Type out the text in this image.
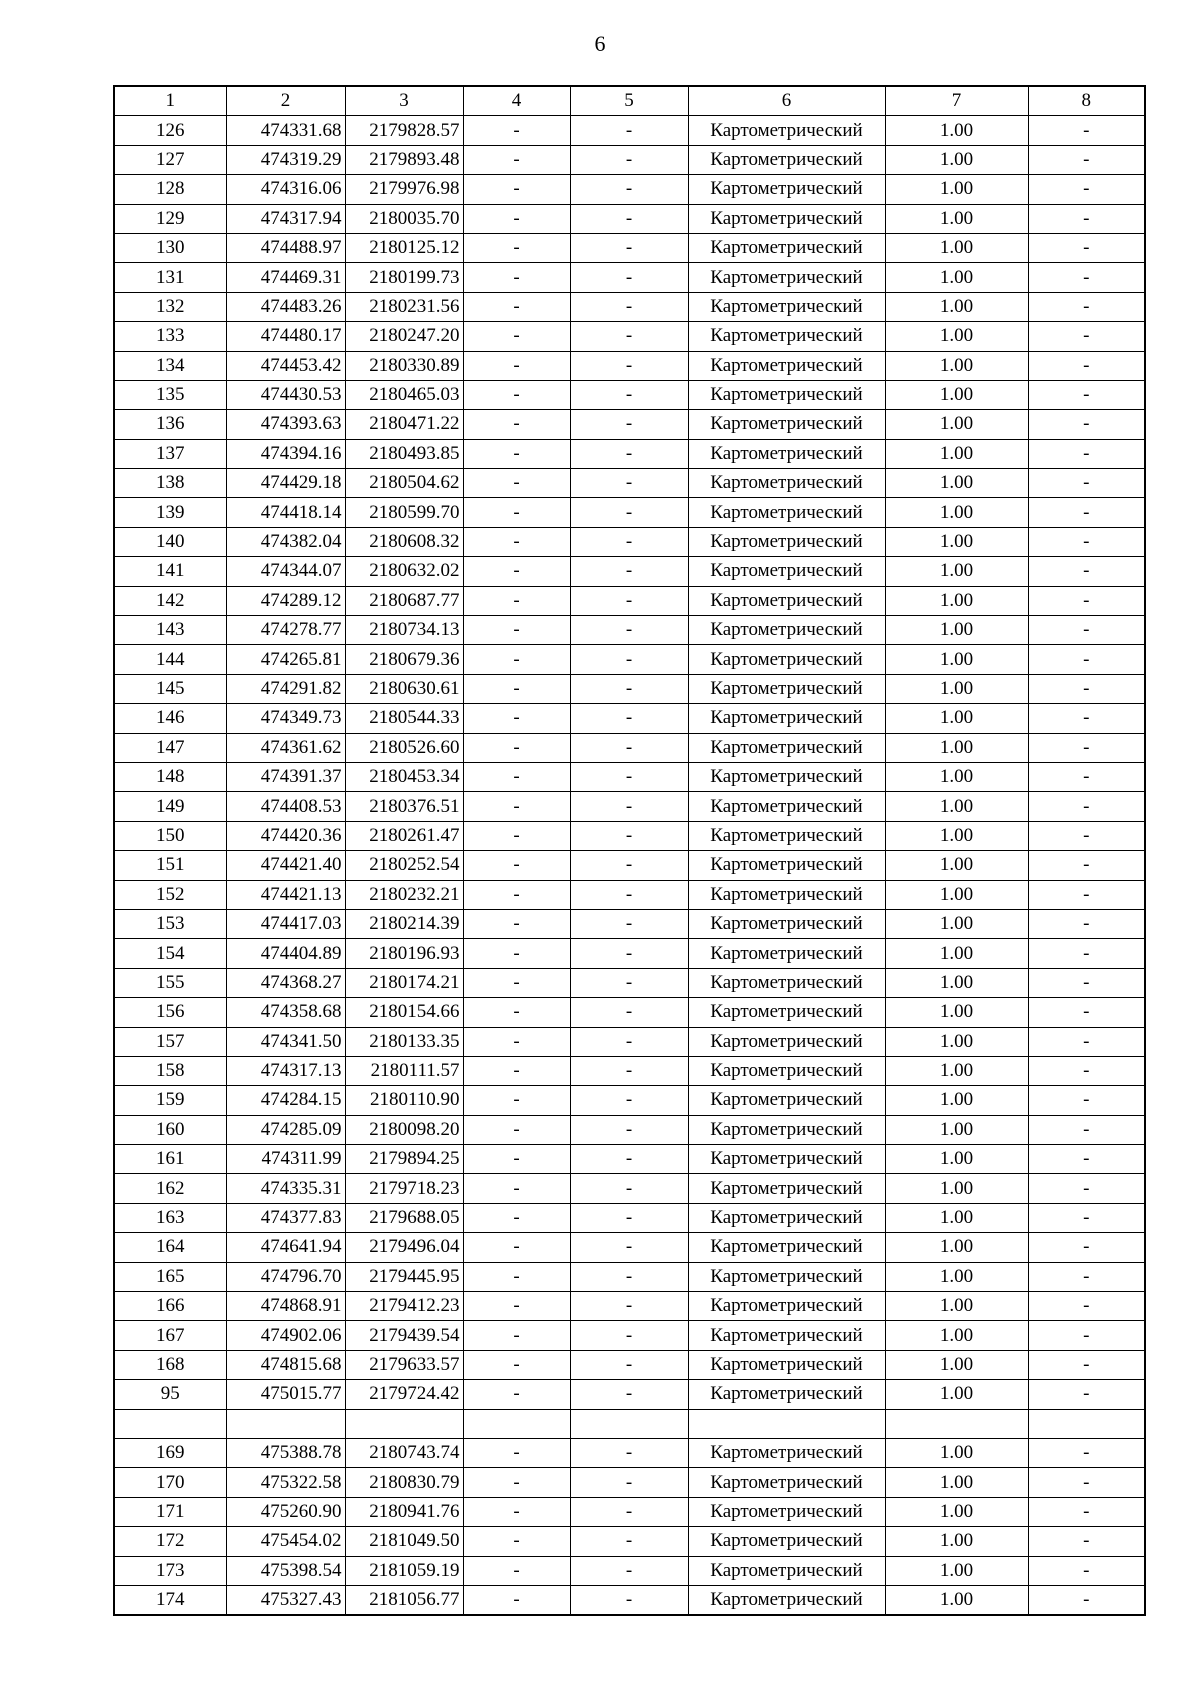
6
1	2	3	4	5	6	7	8
126	474331.68	2179828.57	-	-	Картометрический	1.00	-
127	474319.29	2179893.48	-	-	Картометрический	1.00	-
128	474316.06	2179976.98	-	-	Картометрический	1.00	-
129	474317.94	2180035.70	-	-	Картометрический	1.00	-
130	474488.97	2180125.12	-	-	Картометрический	1.00	-
131	474469.31	2180199.73	-	-	Картометрический	1.00	-
132	474483.26	2180231.56	-	-	Картометрический	1.00	-
133	474480.17	2180247.20	-	-	Картометрический	1.00	-
134	474453.42	2180330.89	-	-	Картометрический	1.00	-
135	474430.53	2180465.03	-	-	Картометрический	1.00	-
136	474393.63	2180471.22	-	-	Картометрический	1.00	-
137	474394.16	2180493.85	-	-	Картометрический	1.00	-
138	474429.18	2180504.62	-	-	Картометрический	1.00	-
139	474418.14	2180599.70	-	-	Картометрический	1.00	-
140	474382.04	2180608.32	-	-	Картометрический	1.00	-
141	474344.07	2180632.02	-	-	Картометрический	1.00	-
142	474289.12	2180687.77	-	-	Картометрический	1.00	-
143	474278.77	2180734.13	-	-	Картометрический	1.00	-
144	474265.81	2180679.36	-	-	Картометрический	1.00	-
145	474291.82	2180630.61	-	-	Картометрический	1.00	-
146	474349.73	2180544.33	-	-	Картометрический	1.00	-
147	474361.62	2180526.60	-	-	Картометрический	1.00	-
148	474391.37	2180453.34	-	-	Картометрический	1.00	-
149	474408.53	2180376.51	-	-	Картометрический	1.00	-
150	474420.36	2180261.47	-	-	Картометрический	1.00	-
151	474421.40	2180252.54	-	-	Картометрический	1.00	-
152	474421.13	2180232.21	-	-	Картометрический	1.00	-
153	474417.03	2180214.39	-	-	Картометрический	1.00	-
154	474404.89	2180196.93	-	-	Картометрический	1.00	-
155	474368.27	2180174.21	-	-	Картометрический	1.00	-
156	474358.68	2180154.66	-	-	Картометрический	1.00	-
157	474341.50	2180133.35	-	-	Картометрический	1.00	-
158	474317.13	2180111.57	-	-	Картометрический	1.00	-
159	474284.15	2180110.90	-	-	Картометрический	1.00	-
160	474285.09	2180098.20	-	-	Картометрический	1.00	-
161	474311.99	2179894.25	-	-	Картометрический	1.00	-
162	474335.31	2179718.23	-	-	Картометрический	1.00	-
163	474377.83	2179688.05	-	-	Картометрический	1.00	-
164	474641.94	2179496.04	-	-	Картометрический	1.00	-
165	474796.70	2179445.95	-	-	Картометрический	1.00	-
166	474868.91	2179412.23	-	-	Картометрический	1.00	-
167	474902.06	2179439.54	-	-	Картометрический	1.00	-
168	474815.68	2179633.57	-	-	Картометрический	1.00	-
95	475015.77	2179724.42	-	-	Картометрический	1.00	-

169	475388.78	2180743.74	-	-	Картометрический	1.00	-
170	475322.58	2180830.79	-	-	Картометрический	1.00	-
171	475260.90	2180941.76	-	-	Картометрический	1.00	-
172	475454.02	2181049.50	-	-	Картометрический	1.00	-
173	475398.54	2181059.19	-	-	Картометрический	1.00	-
174	475327.43	2181056.77	-	-	Картометрический	1.00	-
